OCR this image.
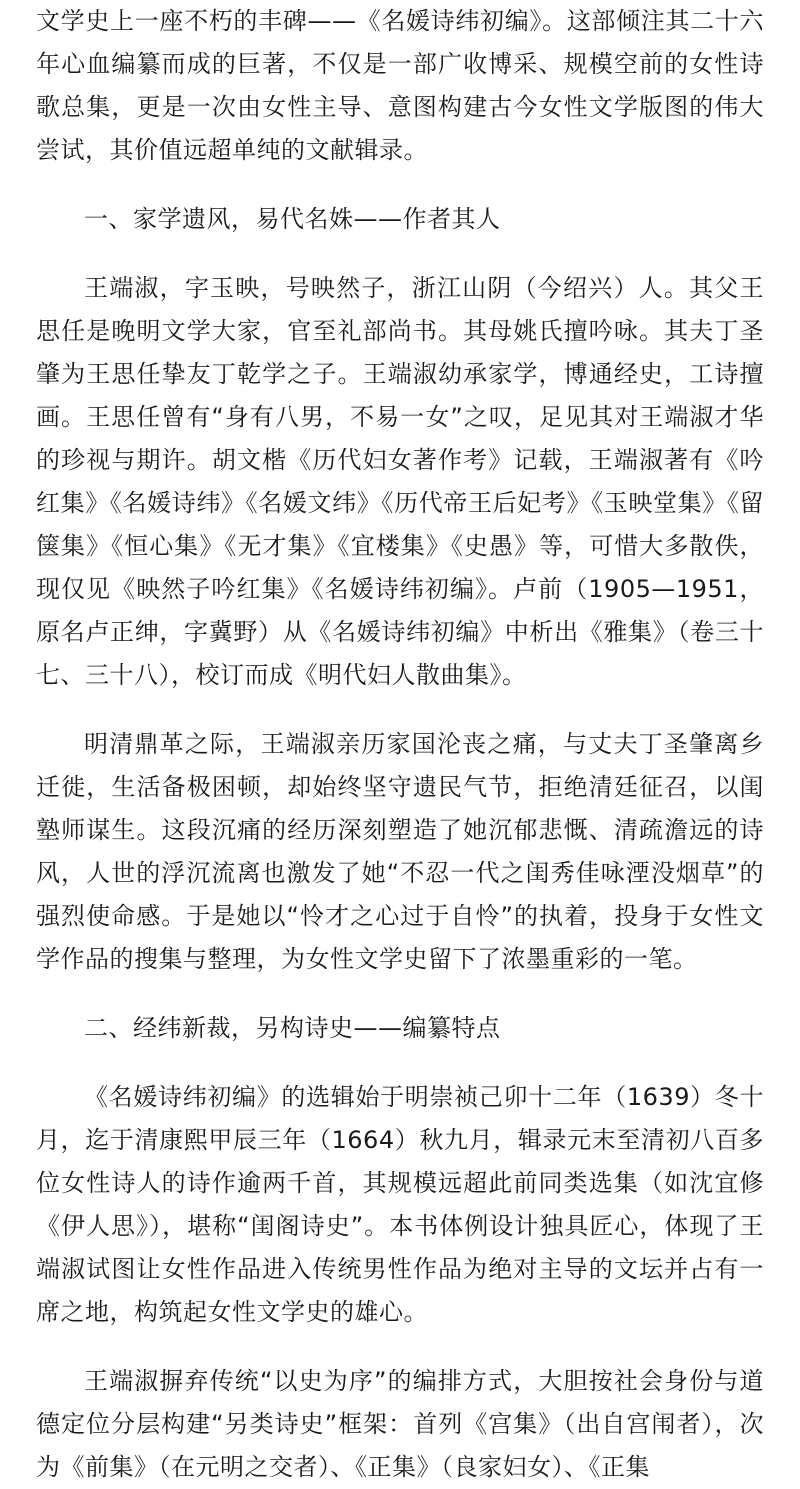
文学史上一座不朽的丰碑——《名媛诗纬初编》。这部倾注其二十六年心血编纂而成的巨著，不仅是一部广收博采、规模空前的女性诗歌总集，更是一次由女性主导、意图构建古今女性文学版图的伟大尝试，其价值远超单纯的文献辑录。

一、家学遗风，易代名姝——作者其人

王端淑，字玉映，号映然子，浙江山阴（今绍兴）人。其父王思任是晚明文学大家，官至礼部尚书。其母姚氏擅吟咏。其夫丁圣肇为王思任挚友丁乾学之子。王端淑幼承家学，博通经史，工诗擅画。王思任曾有“身有八男，不易一女”之叹，足见其对王端淑才华的珍视与期许。胡文楷《历代妇女著作考》记载，王端淑著有《吟红集》《名媛诗纬》《名媛文纬》《历代帝王后妃考》《玉映堂集》《留箧集》《恒心集》《无才集》《宜楼集》《史愚》等，可惜大多散佚，现仅见《映然子吟红集》《名媛诗纬初编》。卢前（1905—1951，原名卢正绅，字冀野）从《名媛诗纬初编》中析出《雅集》（卷三十七、三十八），校订而成《明代妇人散曲集》。

明清鼎革之际，王端淑亲历家国沦丧之痛，与丈夫丁圣肇离乡迁徙，生活备极困顿，却始终坚守遗民气节，拒绝清廷征召，以闺塾师谋生。这段沉痛的经历深刻塑造了她沉郁悲慨、清疏澹远的诗风，人世的浮沉流离也激发了她“不忍一代之闺秀佳咏湮没烟草”的强烈使命感。于是她以“怜才之心过于自怜”的执着，投身于女性文学作品的搜集与整理，为女性文学史留下了浓墨重彩的一笔。

二、经纬新裁，另构诗史——编纂特点

《名媛诗纬初编》的选辑始于明崇祯己卯十二年（1639）冬十月，迄于清康熙甲辰三年（1664）秋九月，辑录元末至清初八百多位女性诗人的诗作逾两千首，其规模远超此前同类选集（如沈宜修《伊人思》），堪称“闺阁诗史”。本书体例设计独具匠心，体现了王端淑试图让女性作品进入传统男性作品为绝对主导的文坛并占有一席之地，构筑起女性文学史的雄心。

王端淑摒弃传统“以史为序”的编排方式，大胆按社会身份与道德定位分层构建“另类诗史”框架：首列《宫集》（出自宫闱者），次为《前集》（在元明之交者）、《正集》（良家妇女）、《正集
